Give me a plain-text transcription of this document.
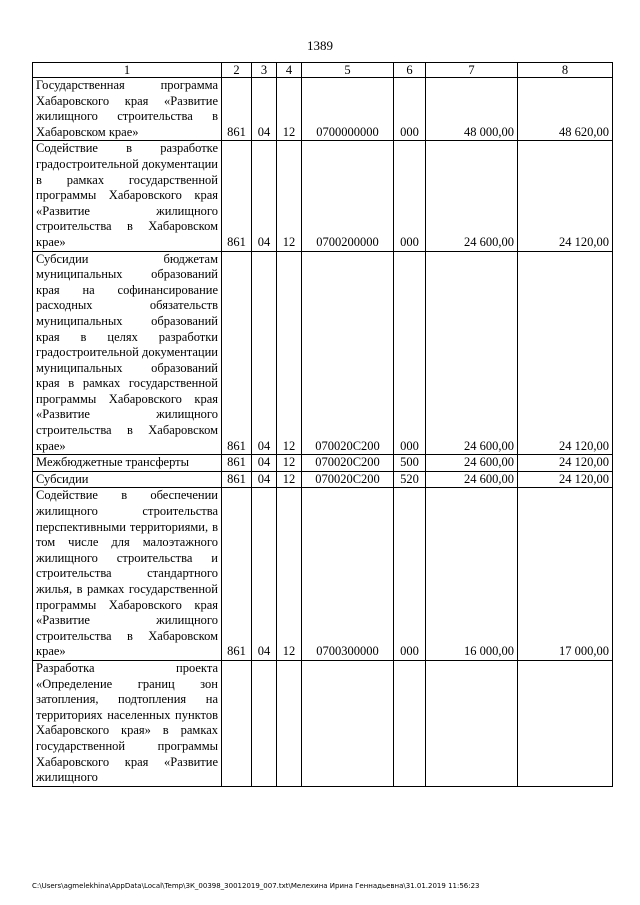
1389
1	2	3	4	5	6	7	8
Государственная программа Хабаровского края «Развитие жилищного строительства в Хабаровском крае»	861	04	12	0700000000	000	48 000,00	48 620,00
Содействие в разработке градостроительной документации в рамках государственной программы Хабаровского края «Развитие жилищного строительства в Хабаровском крае»	861	04	12	0700200000	000	24 600,00	24 120,00
Субсидии бюджетам муниципальных образований края на софинансирование расходных обязательств муниципальных образований края в целях разработки градостроительной документации муниципальных образований края в рамках государственной программы Хабаровского края «Развитие жилищного строительства в Хабаровском крае»	861	04	12	070020С200	000	24 600,00	24 120,00
Межбюджетные трансферты	861	04	12	070020С200	500	24 600,00	24 120,00
Субсидии	861	04	12	070020С200	520	24 600,00	24 120,00
Содействие в обеспечении жилищного строительства перспективными территориями, в том числе для малоэтажного жилищного строительства и строительства стандартного жилья, в рамках государственной программы Хабаровского края «Развитие жилищного строительства в Хабаровском крае»	861	04	12	0700300000	000	16 000,00	17 000,00
Разработка проекта «Определение границ зон затопления, подтопления на территориях населенных пунктов Хабаровского края» в рамках государственной программы Хабаровского края «Развитие жилищного							
C:\Users\agmelekhina\AppData\Local\Temp\ЗК_00398_30012019_007.txt\Мелехина Ирина Геннадьевна\31.01.2019 11:56:23
